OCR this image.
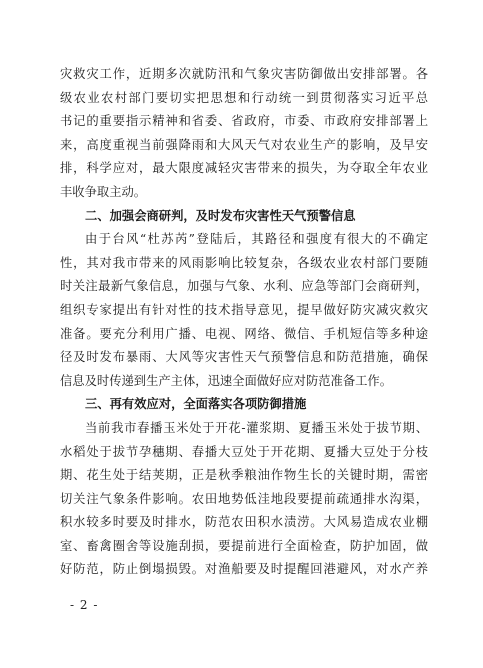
灾救灾工作，近期多次就防汛和气象灾害防御做出安排部署。各
级农业农村部门要切实把思想和行动统一到贯彻落实习近平总
书记的重要指示精神和省委、省政府，市委、市政府安排部署上
来，高度重视当前强降雨和大风天气对农业生产的影响，及早安
排，科学应对，最大限度减轻灾害带来的损失，为夺取全年农业
丰收争取主动。
二、加强会商研判，及时发布灾害性天气预警信息
由于台风“杜苏芮”登陆后，其路径和强度有很大的不确定
性，其对我市带来的风雨影响比较复杂，各级农业农村部门要随
时关注最新气象信息，加强与气象、水利、应急等部门会商研判，
组织专家提出有针对性的技术指导意见，提早做好防灾减灾救灾
准备。要充分利用广播、电视、网络、微信、手机短信等多种途
径及时发布暴雨、大风等灾害性天气预警信息和防范措施，确保
信息及时传递到生产主体，迅速全面做好应对防范准备工作。
三、再有效应对，全面落实各项防御措施
当前我市春播玉米处于开花-灌浆期、夏播玉米处于拔节期、
水稻处于拔节孕穗期、春播大豆处于开花期、夏播大豆处于分枝
期、花生处于结荚期，正是秋季粮油作物生长的关键时期，需密
切关注气象条件影响。农田地势低洼地段要提前疏通排水沟渠，
积水较多时要及时排水，防范农田积水渍涝。大风易造成农业棚
室、畜禽圈舍等设施刮损，要提前进行全面检查，防护加固，做
好防范，防止倒塌损毁。对渔船要及时提醒回港避风，对水产养
- 2 -
